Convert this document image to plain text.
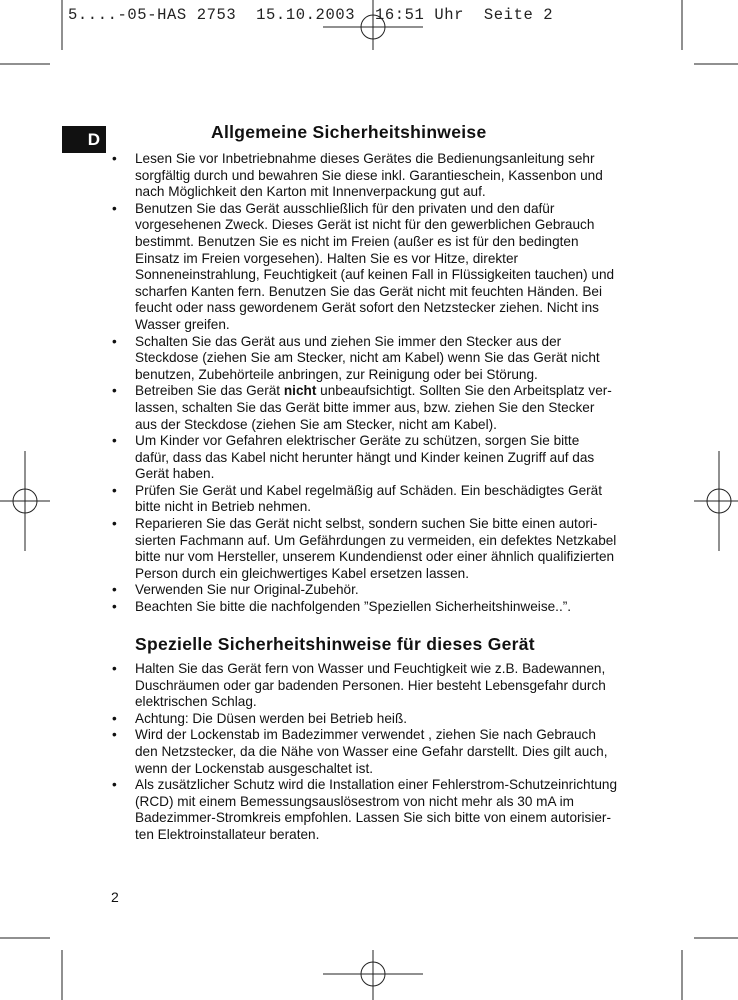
5....-05-HAS 2753  15.10.2003  16:51 Uhr  Seite 2
D	Allgemeine Sicherheitshinweise
•	Lesen Sie vor Inbetriebnahme dieses Gerätes die Bedienungsanleitung sehr
sorgfältig durch und bewahren Sie diese inkl. Garantieschein, Kassenbon und
nach Möglichkeit den Karton mit Innenverpackung gut auf.
•	Benutzen Sie das Gerät ausschließlich für den privaten und den dafür
vorgesehenen Zweck. Dieses Gerät ist nicht für den gewerblichen Gebrauch
bestimmt. Benutzen Sie es nicht im Freien (außer es ist für den bedingten
Einsatz im Freien vorgesehen). Halten Sie es vor Hitze, direkter
Sonneneinstrahlung, Feuchtigkeit (auf keinen Fall in Flüssigkeiten tauchen) und
scharfen Kanten fern. Benutzen Sie das Gerät nicht mit feuchten Händen. Bei
feucht oder nass gewordenem Gerät sofort den Netzstecker ziehen. Nicht ins
Wasser greifen.
•	Schalten Sie das Gerät aus und ziehen Sie immer den Stecker aus der
Steckdose (ziehen Sie am Stecker, nicht am Kabel) wenn Sie das Gerät nicht
benutzen, Zubehörteile anbringen, zur Reinigung oder bei Störung.
•	Betreiben Sie das Gerät nicht unbeaufsichtigt. Sollten Sie den Arbeitsplatz ver-
lassen, schalten Sie das Gerät bitte immer aus, bzw. ziehen Sie den Stecker
aus der Steckdose (ziehen Sie am Stecker, nicht am Kabel).
•	Um Kinder vor Gefahren elektrischer Geräte zu schützen, sorgen Sie bitte
dafür, dass das Kabel nicht herunter hängt und Kinder keinen Zugriff auf das
Gerät haben.
•	Prüfen Sie Gerät und Kabel regelmäßig auf Schäden. Ein beschädigtes Gerät
bitte nicht in Betrieb nehmen.
•	Reparieren Sie das Gerät nicht selbst, sondern suchen Sie bitte einen autori-
sierten Fachmann auf. Um Gefährdungen zu vermeiden, ein defektes Netzkabel
bitte nur vom Hersteller, unserem Kundendienst oder einer ähnlich qualifizierten
Person durch ein gleichwertiges Kabel ersetzen lassen.
•	Verwenden Sie nur Original-Zubehör.
•	Beachten Sie bitte die nachfolgenden ”Speziellen Sicherheitshinweise..”.
Spezielle Sicherheitshinweise für dieses Gerät
•	Halten Sie das Gerät fern von Wasser und Feuchtigkeit wie z.B. Badewannen,
Duschräumen oder gar badenden Personen. Hier besteht Lebensgefahr durch
elektrischen Schlag.
•	Achtung: Die Düsen werden bei Betrieb heiß.
•	Wird der Lockenstab im Badezimmer verwendet , ziehen Sie nach Gebrauch
den Netzstecker, da die Nähe von Wasser eine Gefahr darstellt. Dies gilt auch,
wenn der Lockenstab ausgeschaltet ist.
•	Als zusätzlicher Schutz wird die Installation einer Fehlerstrom-Schutzeinrichtung
(RCD) mit einem Bemessungsauslösestrom von nicht mehr als 30 mA im
Badezimmer-Stromkreis empfohlen. Lassen Sie sich bitte von einem autorisier-
ten Elektroinstallateur beraten.
2
